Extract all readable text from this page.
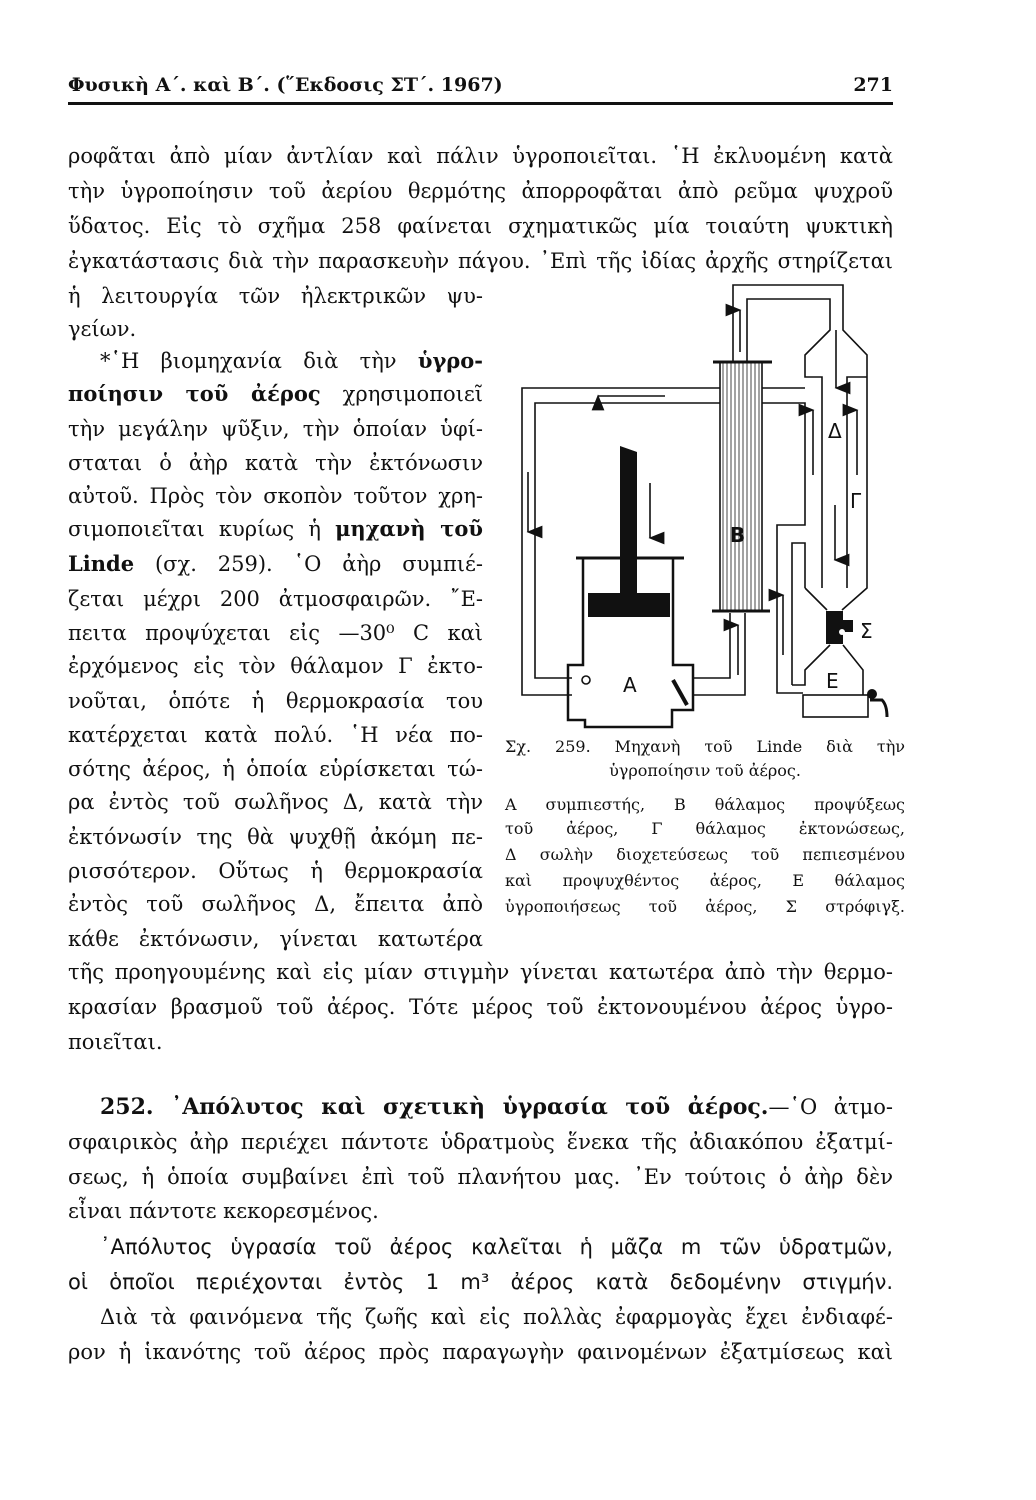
Φυσικὴ Α΄. καὶ Β΄. (῞Εκδοσις ΣΤ΄. 1967)	271
ροφᾶται ἀπὸ μίαν ἀντλίαν καὶ πάλιν ὑγροποιεῖται. ῾Η ἐκλυομένη κατὰ
τὴν ὑγροποίησιν τοῦ ἀερίου θερμότης ἀπορροφᾶται ἀπὸ ρεῦμα ψυχροῦ
ὕδατος. Εἰς τὸ σχῆμα 258 φαίνεται σχηματικῶς μία τοιαύτη ψυκτικὴ
ἐγκατάστασις διὰ τὴν παρασκευὴν πάγου. ᾿Επὶ τῆς ἰδίας ἀρχῆς στηρίζεται
ἡ λειτουργία τῶν ἠλεκτρικῶν ψυ-
γείων.
*῾Η βιομηχανία διὰ τὴν ὑγρο-
ποίησιν τοῦ ἀέρος χρησιμοποιεῖ
τὴν μεγάλην ψῦξιν, τὴν ὁποίαν ὑφί-
σταται ὁ ἀὴρ κατὰ τὴν ἐκτόνωσιν
αὐτοῦ. Πρὸς τὸν σκοπὸν τοῦτον χρη-
σιμοποιεῖται κυρίως ἡ μηχανὴ τοῦ
Linde (σχ. 259). ῾Ο ἀὴρ συμπιέ-
ζεται μέχρι 200 ἀτμοσφαιρῶν. ῎Ε-
πειτα προψύχεται εἰς —30⁰ C καὶ
ἐρχόμενος εἰς τὸν θάλαμον Γ ἐκτο-
νοῦται, ὁπότε ἡ θερμοκρασία του
κατέρχεται κατὰ πολύ. ῾Η νέα πο-
σότης ἀέρος, ἡ ὁποία εὑρίσκεται τώ-
ρα ἐντὸς τοῦ σωλῆνος Δ, κατὰ τὴν
ἐκτόνωσίν της θὰ ψυχθῇ ἀκόμη πε-
ρισσότερον. Οὕτως ἡ θερμοκρασία
ἐντὸς τοῦ σωλῆνος Δ, ἔπειτα ἀπὸ
κάθε ἐκτόνωσιν, γίνεται κατωτέρα
τῆς προηγουμένης καὶ εἰς μίαν στιγμὴν γίνεται κατωτέρα ἀπὸ τὴν θερμο-
κρασίαν βρασμοῦ τοῦ ἀέρος. Τότε μέρος τοῦ ἐκτονουμένου ἀέρος ὑγρο-
ποιεῖται.
252. ᾿Απόλυτος καὶ σχετικὴ ὑγρασία τοῦ ἀέρος.—῾Ο ἀτμο-
σφαιρικὸς ἀὴρ περιέχει πάντοτε ὑδρατμοὺς ἕνεκα τῆς ἀδιακόπου ἐξατμί-
σεως, ἡ ὁποία συμβαίνει ἐπὶ τοῦ πλανήτου μας. ᾿Εν τούτοις ὁ ἀὴρ δὲν
εἶναι πάντοτε κεκορεσμένος.
᾿Απόλυτος ὑγρασία τοῦ ἀέρος καλεῖται ἡ μᾶζα m τῶν ὑδρατμῶν,
οἱ ὁποῖοι περιέχονται ἐντὸς 1 m³ ἀέρος κατὰ δεδομένην στιγμήν.
Διὰ τὰ φαινόμενα τῆς ζωῆς καὶ εἰς πολλὰς ἐφαρμογὰς ἔχει ἐνδιαφέ-
ρον ἡ ἱκανότης τοῦ ἀέρος πρὸς παραγωγὴν φαινομένων ἐξατμίσεως καὶ
A
B
Δ
Γ
Σ
E
Σχ. 259. Μηχανὴ τοῦ Linde διὰ τὴν
ὑγροποίησιν τοῦ ἀέρος.
Α συμπιεστής, Β θάλαμος προψύξεως
τοῦ ἀέρος, Γ θάλαμος ἐκτονώσεως,
Δ σωλὴν διοχετεύσεως τοῦ πεπιεσμένου
καὶ προψυχθέντος ἀέρος, Ε θάλαμος
ὑγροποιήσεως τοῦ ἀέρος, Σ στρόφιγξ.
